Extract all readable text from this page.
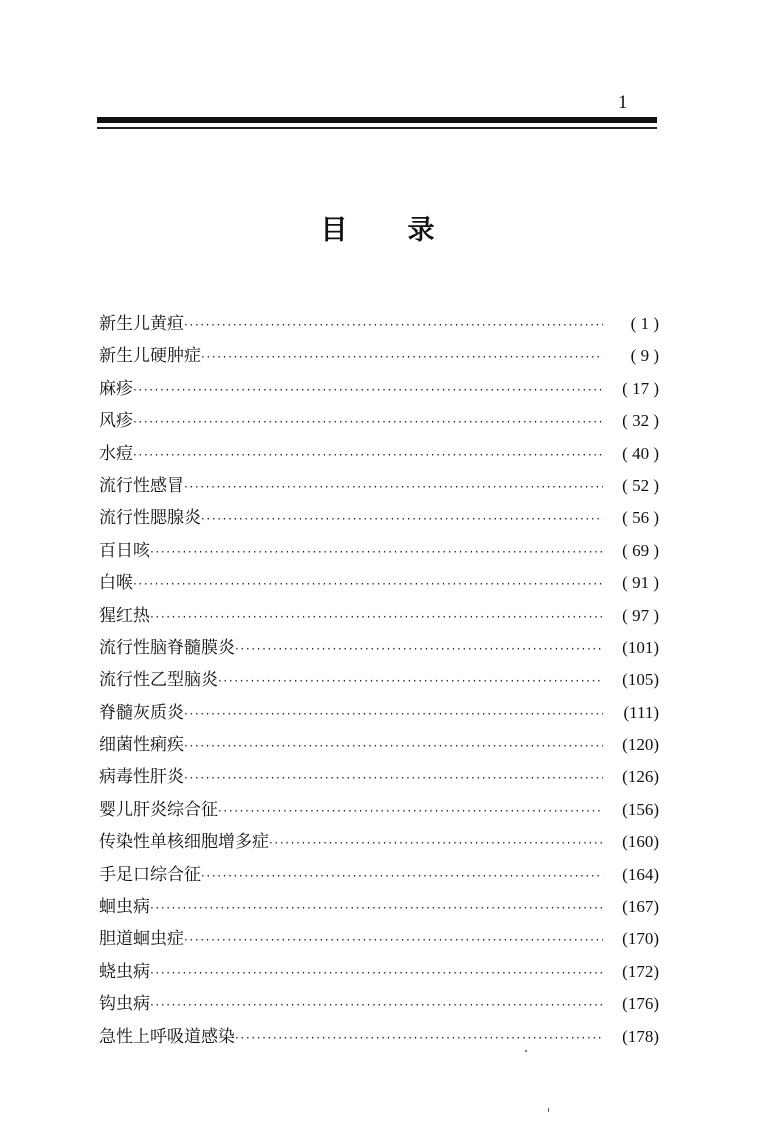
1
目录
新生儿黄疸 ·····	( 1 )
新生儿硬肿症 ·····	( 9 )
麻疹 ·····	( 17 )
风疹 ·····	( 32 )
水痘 ·····	( 40 )
流行性感冒 ·····	( 52 )
流行性腮腺炎 ·····	( 56 )
百日咳 ·····	( 69 )
白喉 ·····	( 91 )
猩红热 ·····	( 97 )
流行性脑脊髓膜炎 ·····	(101)
流行性乙型脑炎 ·····	(105)
脊髓灰质炎 ·····	(111)
细菌性痢疾 ·····	(120)
病毒性肝炎 ·····	(126)
婴儿肝炎综合征 ·····	(156)
传染性单核细胞增多症 ·····	(160)
手足口综合征 ·····	(164)
蛔虫病 ·····	(167)
胆道蛔虫症 ·····	(170)
蛲虫病 ·····	(172)
钩虫病 ·····	(176)
急性上呼吸道感染 ·····	(178)
